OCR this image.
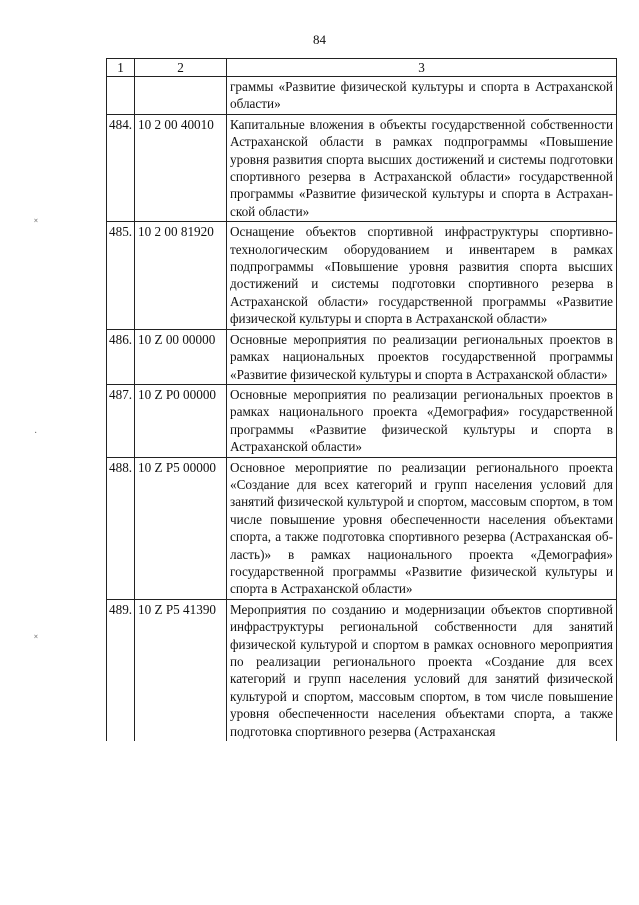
84
˟
·
˟
1	2	3
		граммы «Развитие физической культуры и спорта в Астраханской области»
484.	10 2 00 40010	Капитальные вложения в объекты государственной собственности Астраханской области в рамках подпрограммы «Повышение уровня развития спорта высших достижений и системы подготовки спортивного резерва в Астраханской области» государственной программы «Развитие физической культуры и спорта в Астраханской области»
485.	10 2 00 81920	Оснащение объектов спортивной инфраструктуры спортивно-технологическим оборудованием и инвентарем в рамках подпрограммы «Повышение уровня развития спорта высших достижений и системы подготовки спортивного резерва в Астраханской области» государственной программы «Развитие физической культуры и спорта в Астраханской области»
486.	10 Z 00 00000	Основные мероприятия по реализации региональных проектов в рамках национальных проектов государственной программы «Развитие физической культуры и спорта в Астраханской области»
487.	10 Z P0 00000	Основные мероприятия по реализации региональных проектов в рамках национального проекта «Демография» государственной программы «Развитие физической культуры и спорта в Астраханской области»
488.	10 Z P5 00000	Основное мероприятие по реализации регионального проекта «Создание для всех категорий и групп населения условий для занятий физической культурой и спортом, массовым спортом, в том числе повышение уровня обеспеченности населения объектами спорта, а также подготовка спортивного резерва (Астраханская область)» в рамках национального проекта «Демография» государственной программы «Развитие физической культуры и спорта в Астраханской области»
489.	10 Z P5 41390	Мероприятия по созданию и модернизации объектов спортивной инфраструктуры региональной собственности для занятий физической культурой и спортом в рамках основного мероприятия по реализации регионального проекта «Создание для всех категорий и групп населения условий для занятий физической культурой и спортом, массовым спортом, в том числе повышение уровня обеспеченности населения объектами спорта, а также подготовка спортивного резерва (Астраханская
